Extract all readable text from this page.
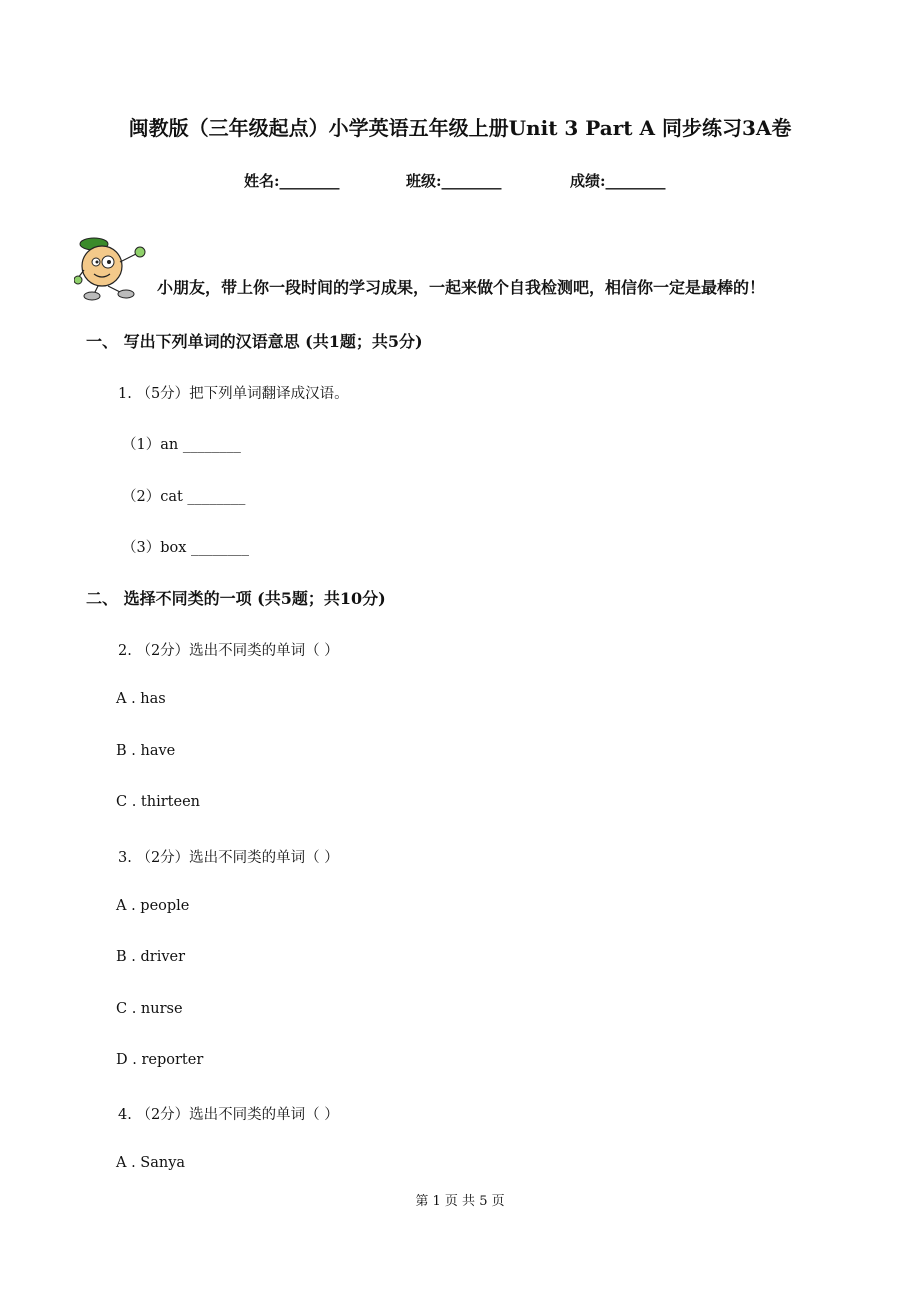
闽教版（三年级起点）小学英语五年级上册Unit 3 Part A 同步练习3A卷
姓名:________	班级:________	成绩:________
小朋友，带上你一段时间的学习成果，一起来做个自我检测吧，相信你一定是最棒的！
一、 写出下列单词的汉语意思 (共1题；共5分)
1. （5分）把下列单词翻译成汉语。
（1）an ________
（2）cat ________
（3）box ________
二、 选择不同类的一项 (共5题；共10分)
2. （2分）选出不同类的单词（ ）
A . has
B . have
C . thirteen
3. （2分）选出不同类的单词（ ）
A . people
B . driver
C . nurse
D . reporter
4. （2分）选出不同类的单词（ ）
A . Sanya
第 1 页 共 5 页
